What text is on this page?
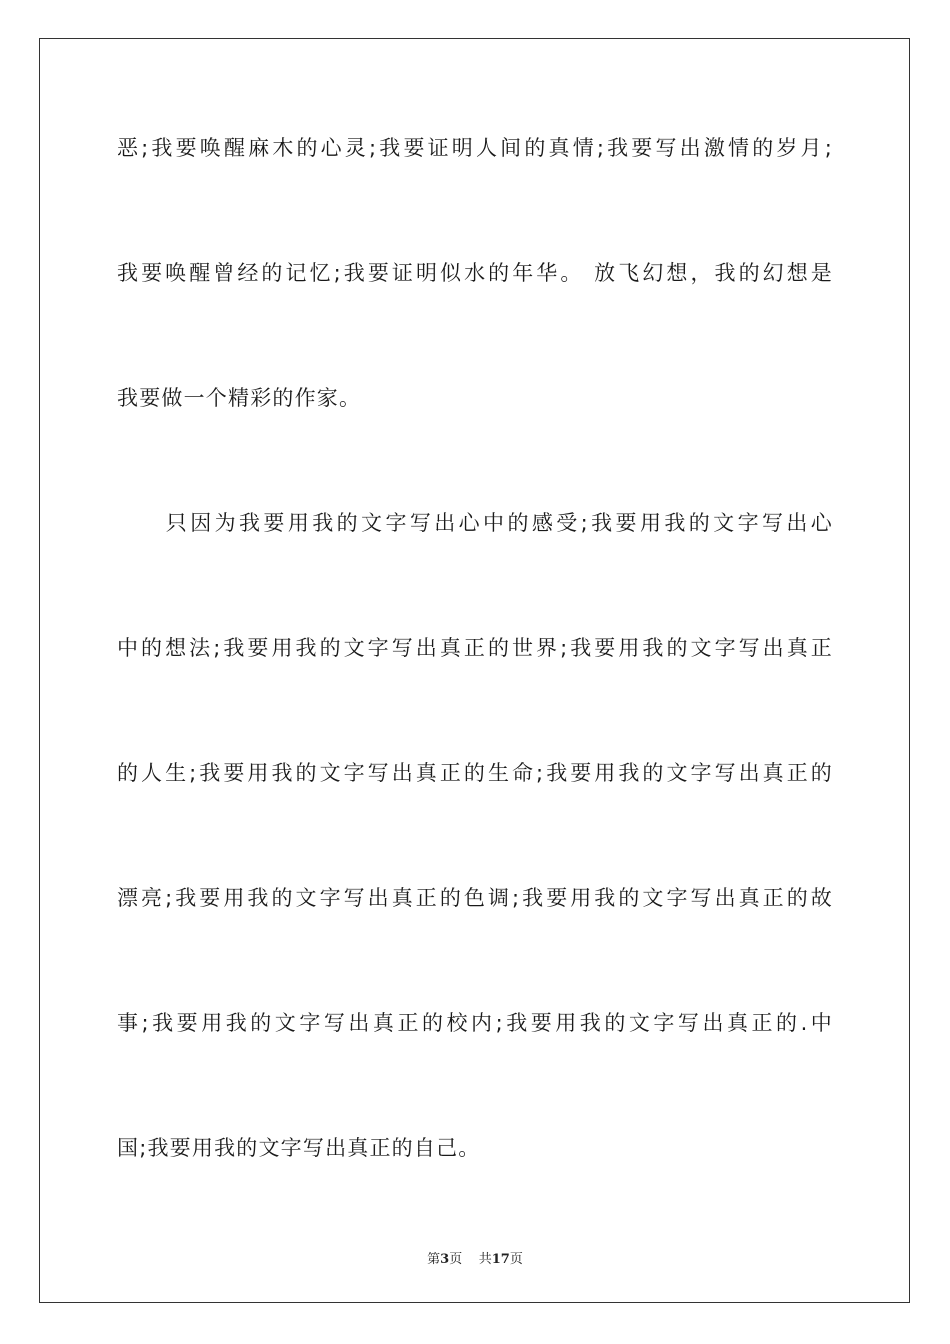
恶;我要唤醒麻木的心灵;我要证明人间的真情;我要写出激情的岁月;
我要唤醒曾经的记忆;我要证明似水的年华。 放飞幻想，我的幻想是
我要做一个精彩的作家。
　　只因为我要用我的文字写出心中的感受;我要用我的文字写出心
中的想法;我要用我的文字写出真正的世界;我要用我的文字写出真正
的人生;我要用我的文字写出真正的生命;我要用我的文字写出真正的
漂亮;我要用我的文字写出真正的色调;我要用我的文字写出真正的故
事;我要用我的文字写出真正的校内;我要用我的文字写出真正的.中
国;我要用我的文字写出真正的自己。
第3页 共17页
